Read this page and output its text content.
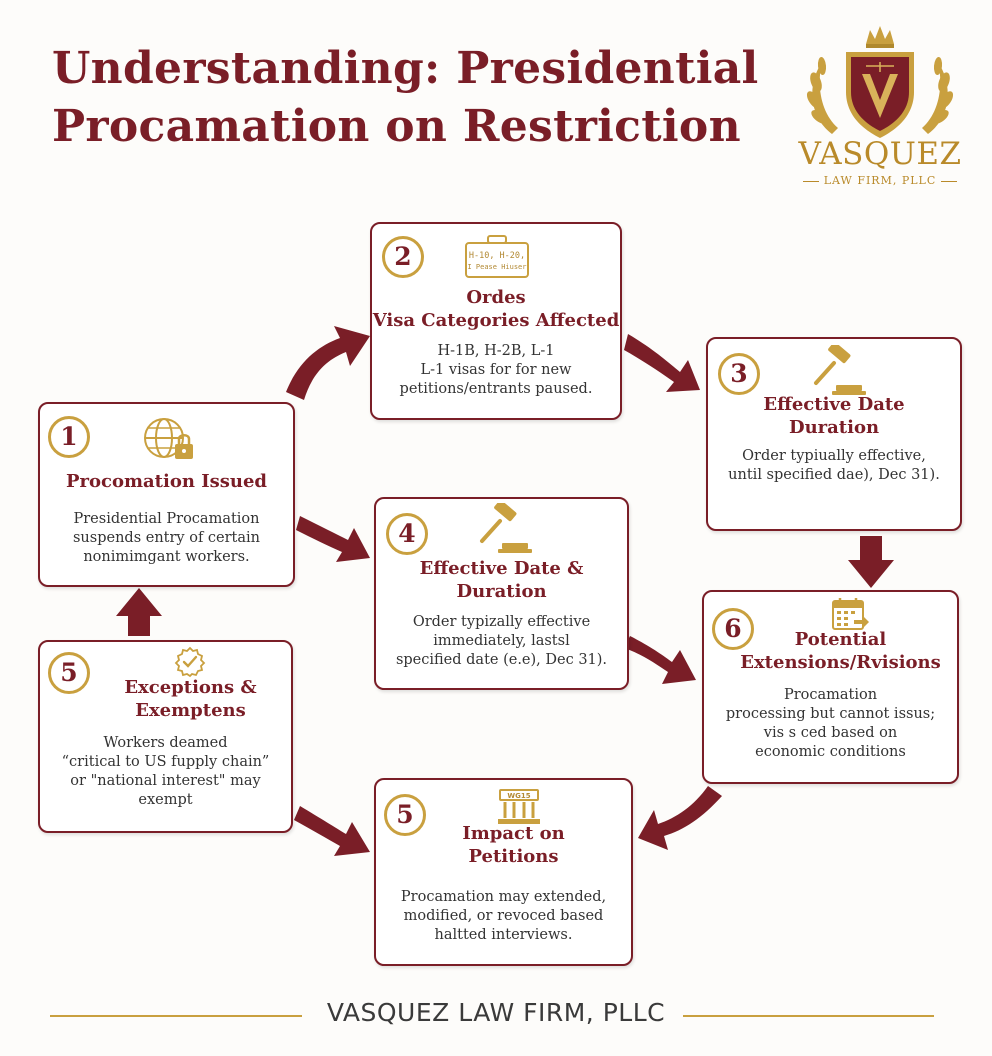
Understanding: Presidential
Procamation on Restriction
VASQUEZ
LAW FIRM, PLLC
1
Procomation Issued
Presidential Procamation
suspends entry of certain
nonimimgant workers.
2	H-10, H-20,
I Pease Hiuser
Ordes
Visa Categories Affected
H-1B, H-2B, L-1
L-1 visas for for new
petitions/entrants paused.
3
Effective Date
Duration
Order typiually effective,
until specified dae), Dec 31).
4
Effective Date &
Duration
Order typizally effective
immediately, lastsl
specified date (e.e), Dec 31).
5
Exceptions &
Exemptens
Workers deamed
“critical to US fupply chain”
or "national interest" may
exempt	5
WG15
Impact on
Petitions
Procamation may extended,
modified, or revoced based
haltted interviews.
6	Potential
Extensions/Rvisions
Procamation
processing but cannot issus;
vis s ced based on
economic conditions
VASQUEZ LAW FIRM, PLLC
